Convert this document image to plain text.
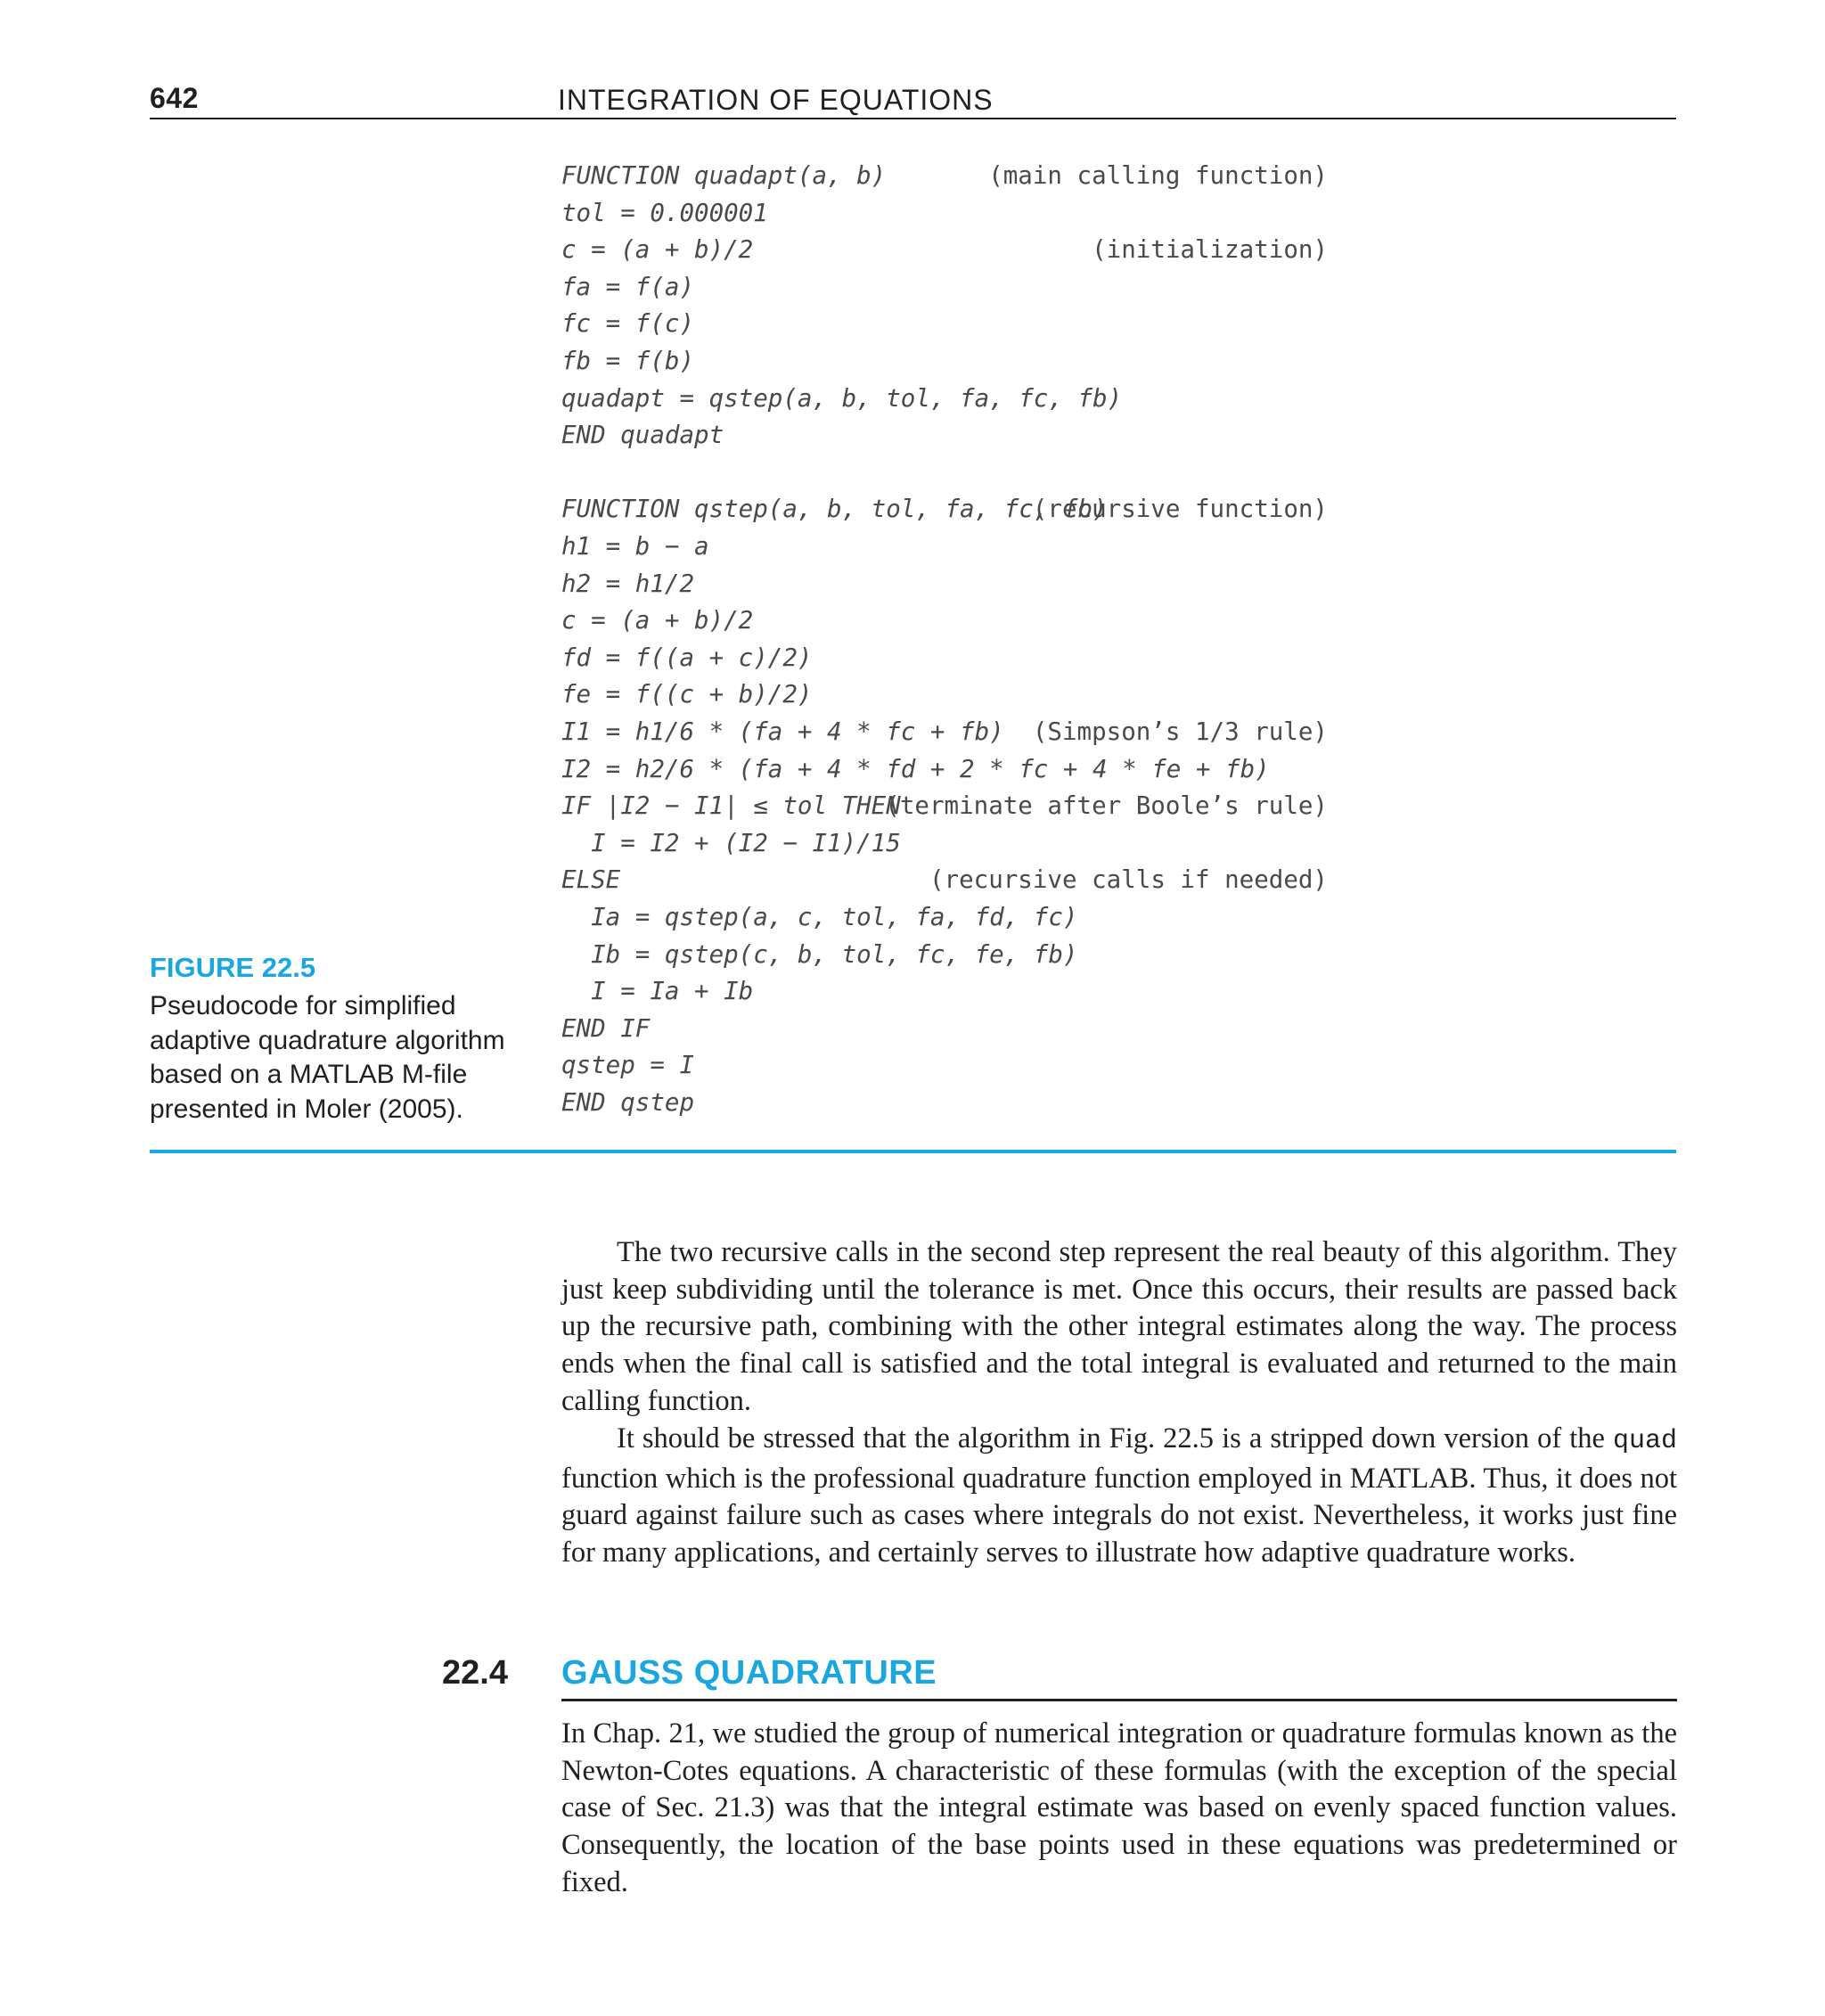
642	INTEGRATION OF EQUATIONS
FUNCTION quadapt(a, b)	(main calling function)
tol = 0.000001
c = (a + b)/2	(initialization)
fa = f(a)
fc = f(c)
fb = f(b)
quadapt = qstep(a, b, tol, fa, fc, fb)
END quadapt
FUNCTION qstep(a, b, tol, fa, fc, fb)
(recursive function)
h1 = b − a
h2 = h1/2
c = (a + b)/2
fd = f((a + c)/2)
fe = f((c + b)/2)
I1 = h1/6 * (fa + 4 * fc + fb) (Simpson’s 1/3 rule)
I2 = h2/6 * (fa + 4 * fd + 2 * fc + 4 * fe + fb)
IF |I2 − I1| ≤ tol THEN
(terminate after Boole’s rule)
I = I2 + (I2 − I1)/15
ELSE	(recursive calls if needed)
Ia = qstep(a, c, tol, fa, fd, fc)
Ib = qstep(c, b, tol, fc, fe, fb)
I = Ia + Ib
END IF
qstep = I
END qstep
FIGURE 22.5
Pseudocode for simplified adaptive quadrature algorithm based on a MATLAB M-file presented in Moler (2005).
The two recursive calls in the second step represent the real beauty of this algorithm. They just keep subdividing until the tolerance is met. Once this occurs, their results are passed back up the recursive path, combining with the other integral estimates along the way. The process ends when the final call is satisfied and the total integral is evaluated and returned to the main calling function.
It should be stressed that the algorithm in Fig. 22.5 is a stripped down version of the quad function which is the professional quadrature function employed in MATLAB. Thus, it does not guard against failure such as cases where integrals do not exist. Nevertheless, it works just fine for many applications, and certainly serves to illustrate how adaptive quadrature works.
22.4 GAUSS QUADRATURE
In Chap. 21, we studied the group of numerical integration or quadrature formulas known as the Newton-Cotes equations. A characteristic of these formulas (with the exception of the special case of Sec. 21.3) was that the integral estimate was based on evenly spaced function values. Consequently, the location of the base points used in these equations was predetermined or fixed.
